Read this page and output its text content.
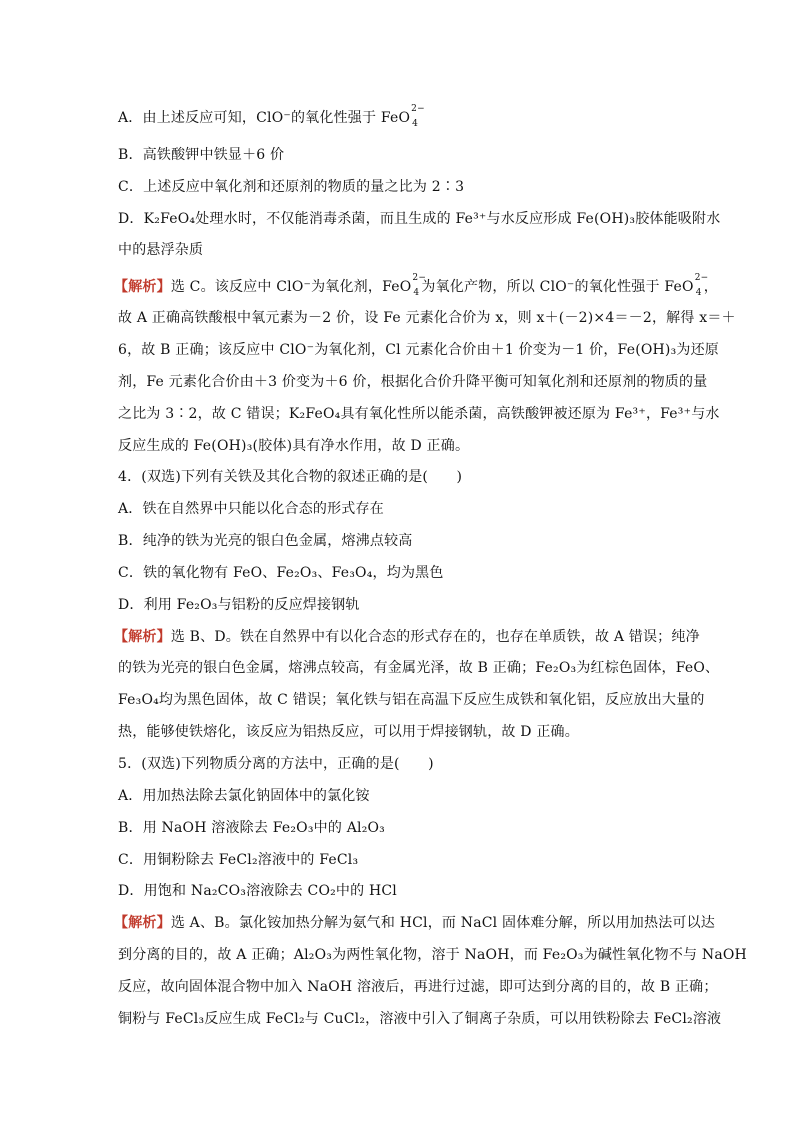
A．由上述反应可知，ClO⁻的氧化性强于 FeO
2−
4
B．高铁酸钾中铁显＋6 价
C．上述反应中氧化剂和还原剂的物质的量之比为 2∶3
D．K₂FeO₄处理水时，不仅能消毒杀菌，而且生成的 Fe³⁺与水反应形成 Fe(OH)₃胶体能吸附水
中的悬浮杂质
【解析】选 C。该反应中 ClO⁻为氧化剂，FeO
2−
4 为氧化产物，所以 ClO⁻的氧化性强于 FeO
2−
4 ，
故 A 正确高铁酸根中氧元素为－2 价，设 Fe 元素化合价为 x，则 x＋(－2)×4＝－2，解得 x＝＋
6，故 B 正确；该反应中 ClO⁻为氧化剂，Cl 元素化合价由＋1 价变为－1 价，Fe(OH)₃为还原
剂，Fe 元素化合价由＋3 价变为＋6 价，根据化合价升降平衡可知氧化剂和还原剂的物质的量
之比为 3∶2，故 C 错误；K₂FeO₄具有氧化性所以能杀菌，高铁酸钾被还原为 Fe³⁺，Fe³⁺与水
反应生成的 Fe(OH)₃(胶体)具有净水作用，故 D 正确。
4．(双选)下列有关铁及其化合物的叙述正确的是(　　)
A．铁在自然界中只能以化合态的形式存在
B．纯净的铁为光亮的银白色金属，熔沸点较高
C．铁的氧化物有 FeO、Fe₂O₃、Fe₃O₄，均为黑色
D．利用 Fe₂O₃与铝粉的反应焊接钢轨
【解析】选 B、D。铁在自然界中有以化合态的形式存在的，也存在单质铁，故 A 错误；纯净
的铁为光亮的银白色金属，熔沸点较高，有金属光泽，故 B 正确；Fe₂O₃为红棕色固体，FeO、
Fe₃O₄均为黑色固体，故 C 错误；氧化铁与铝在高温下反应生成铁和氧化铝，反应放出大量的
热，能够使铁熔化，该反应为铝热反应，可以用于焊接钢轨，故 D 正确。
5．(双选)下列物质分离的方法中，正确的是(　　)
A．用加热法除去氯化钠固体中的氯化铵
B．用 NaOH 溶液除去 Fe₂O₃中的 Al₂O₃
C．用铜粉除去 FeCl₂溶液中的 FeCl₃
D．用饱和 Na₂CO₃溶液除去 CO₂中的 HCl
【解析】选 A、B。氯化铵加热分解为氨气和 HCl，而 NaCl 固体难分解，所以用加热法可以达
到分离的目的，故 A 正确；Al₂O₃为两性氧化物，溶于 NaOH，而 Fe₂O₃为碱性氧化物不与 NaOH
反应，故向固体混合物中加入 NaOH 溶液后，再进行过滤，即可达到分离的目的，故 B 正确；
铜粉与 FeCl₃反应生成 FeCl₂与 CuCl₂，溶液中引入了铜离子杂质，可以用铁粉除去 FeCl₂溶液
